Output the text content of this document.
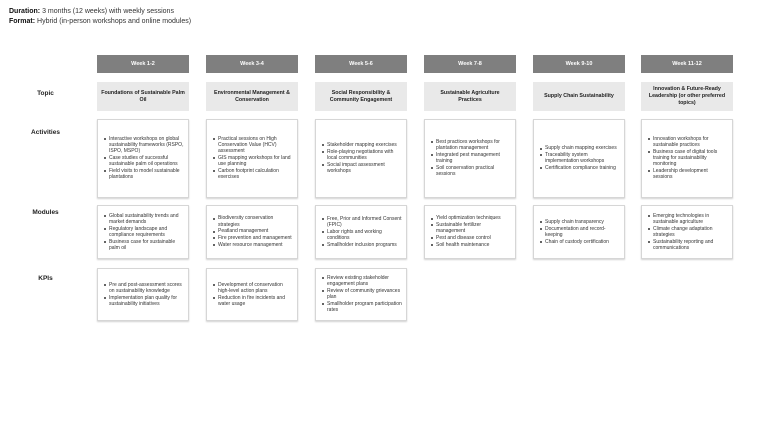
Duration: 3 months (12 weeks) with weekly sessions
Format: Hybrid (in-person workshops and online modules)
Topic
Activities
Modules
KPIs
Week 1-2
Foundations of Sustainable Palm Oil
Interactive workshops on global sustainability frameworks (RSPO, ISPO, MSPO)
Case studies of successful sustainable palm oil operations
Field visits to model sustainable plantations
Global sustainability trends and market demands
Regulatory landscape and compliance requirements
Business case for sustainable palm oil
Pre and post-assessment scores on sustainability knowledge
Implementation plan quality for sustainability initiatives
Week 3-4
Environmental Management & Conservation
Practical sessions on High Conservation Value (HCV) assessment
GIS mapping workshops for land use planning
Carbon footprint calculation exercises
Biodiversity conservation strategies
Peatland management
Fire prevention and management
Water resource management
Development of conservation high-level action plans
Reduction in fire incidents and water usage
Week 5-6
Social Responsibility & Community Engagement
Stakeholder mapping exercises
Role-playing negotiations with local communities
Social impact assessment workshops
Free, Prior and Informed Consent (FPIC)
Labor rights and working conditions
Smallholder inclusion programs
Review existing stakeholder engagement plans
Review of community grievances plan
Smallholder program participation rates
Week 7-8
Sustainable Agriculture Practices
Best practices workshops for plantation management
Integrated pest management training
Soil conservation practical sessions
Yield optimization techniques
Sustainable fertilizer management
Pest and disease control
Soil health maintenance
Week 9-10
Supply Chain Sustainability
Supply chain mapping exercises
Traceability system implementation workshops
Certification compliance training
Supply chain transparency
Documentation and record-keeping
Chain of custody certification
Week 11-12
Innovation & Future-Ready Leadership (or other preferred topics)
Innovation workshops for sustainable practices
Business case of digital tools training for sustainability monitoring
Leadership development sessions
Emerging technologies in sustainable agriculture
Climate change adaptation strategies
Sustainability reporting and communications
